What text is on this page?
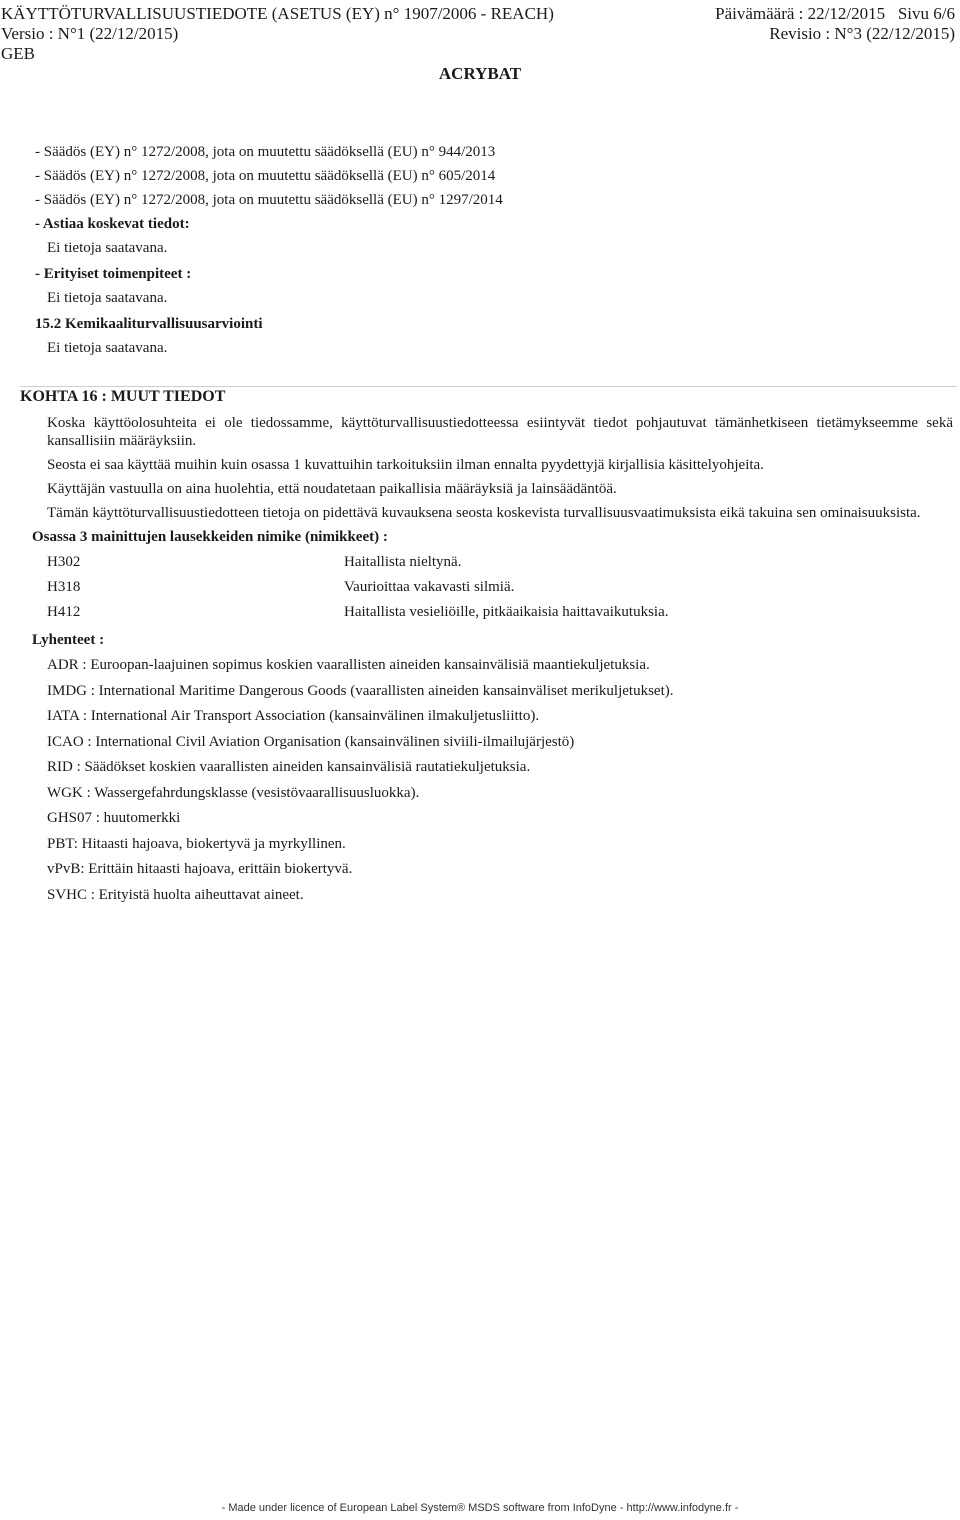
KÄYTTÖTURVALLISUUSTIEDOTE (ASETUS (EY) n° 1907/2006 - REACH)	Päivämäärä : 22/12/2015 Sivu 6/6
Versio : N°1 (22/12/2015)	Revisio : N°3 (22/12/2015)
GEB
ACRYBAT
- Säädös (EY) n° 1272/2008, jota on muutettu säädöksellä (EU) n° 944/2013
- Säädös (EY) n° 1272/2008, jota on muutettu säädöksellä (EU) n° 605/2014
- Säädös (EY) n° 1272/2008, jota on muutettu säädöksellä (EU) n° 1297/2014
- Astiaa koskevat tiedot:
Ei tietoja saatavana.
- Erityiset toimenpiteet :
Ei tietoja saatavana.
15.2 Kemikaaliturvallisuusarviointi
Ei tietoja saatavana.
KOHTA 16 : MUUT TIEDOT
Koska käyttöolosuhteita ei ole tiedossamme, käyttöturvallisuustiedotteessa esiintyvät tiedot pohjautuvat tämänhetkiseen tietämykseemme sekä kansallisiin määräyksiin.
Seosta ei saa käyttää muihin kuin osassa 1 kuvattuihin tarkoituksiin ilman ennalta pyydettyjä kirjallisia käsittelyohjeita.
Käyttäjän vastuulla on aina huolehtia, että noudatetaan paikallisia määräyksiä ja lainsäädäntöä.
Tämän käyttöturvallisuustiedotteen tietoja on pidettävä kuvauksena seosta koskevista turvallisuusvaatimuksista eikä takuina sen ominaisuuksista.
Osassa 3 mainittujen lausekkeiden nimike (nimikkeet) :
H302	Haitallista nieltynä.
H318	Vaurioittaa vakavasti silmiä.
H412	Haitallista vesieliöille, pitkäaikaisia haittavaikutuksia.
Lyhenteet :
ADR : Euroopan-laajuinen sopimus koskien vaarallisten aineiden kansainvälisiä maantiekuljetuksia.
IMDG : International Maritime Dangerous Goods (vaarallisten aineiden kansainväliset merikuljetukset).
IATA : International Air Transport Association (kansainvälinen ilmakuljetusliitto).
ICAO : International Civil Aviation Organisation (kansainvälinen siviili-ilmailujärjestö)
RID : Säädökset koskien vaarallisten aineiden kansainvälisiä rautatiekuljetuksia.
WGK : Wassergefahrdungsklasse (vesistövaarallisuusluokka).
GHS07 : huutomerkki
PBT: Hitaasti hajoava, biokertyvä ja myrkyllinen.
vPvB: Erittäin hitaasti hajoava, erittäin biokertyvä.
SVHC : Erityistä huolta aiheuttavat aineet.
- Made under licence of European Label System® MSDS software from InfoDyne - http://www.infodyne.fr -
